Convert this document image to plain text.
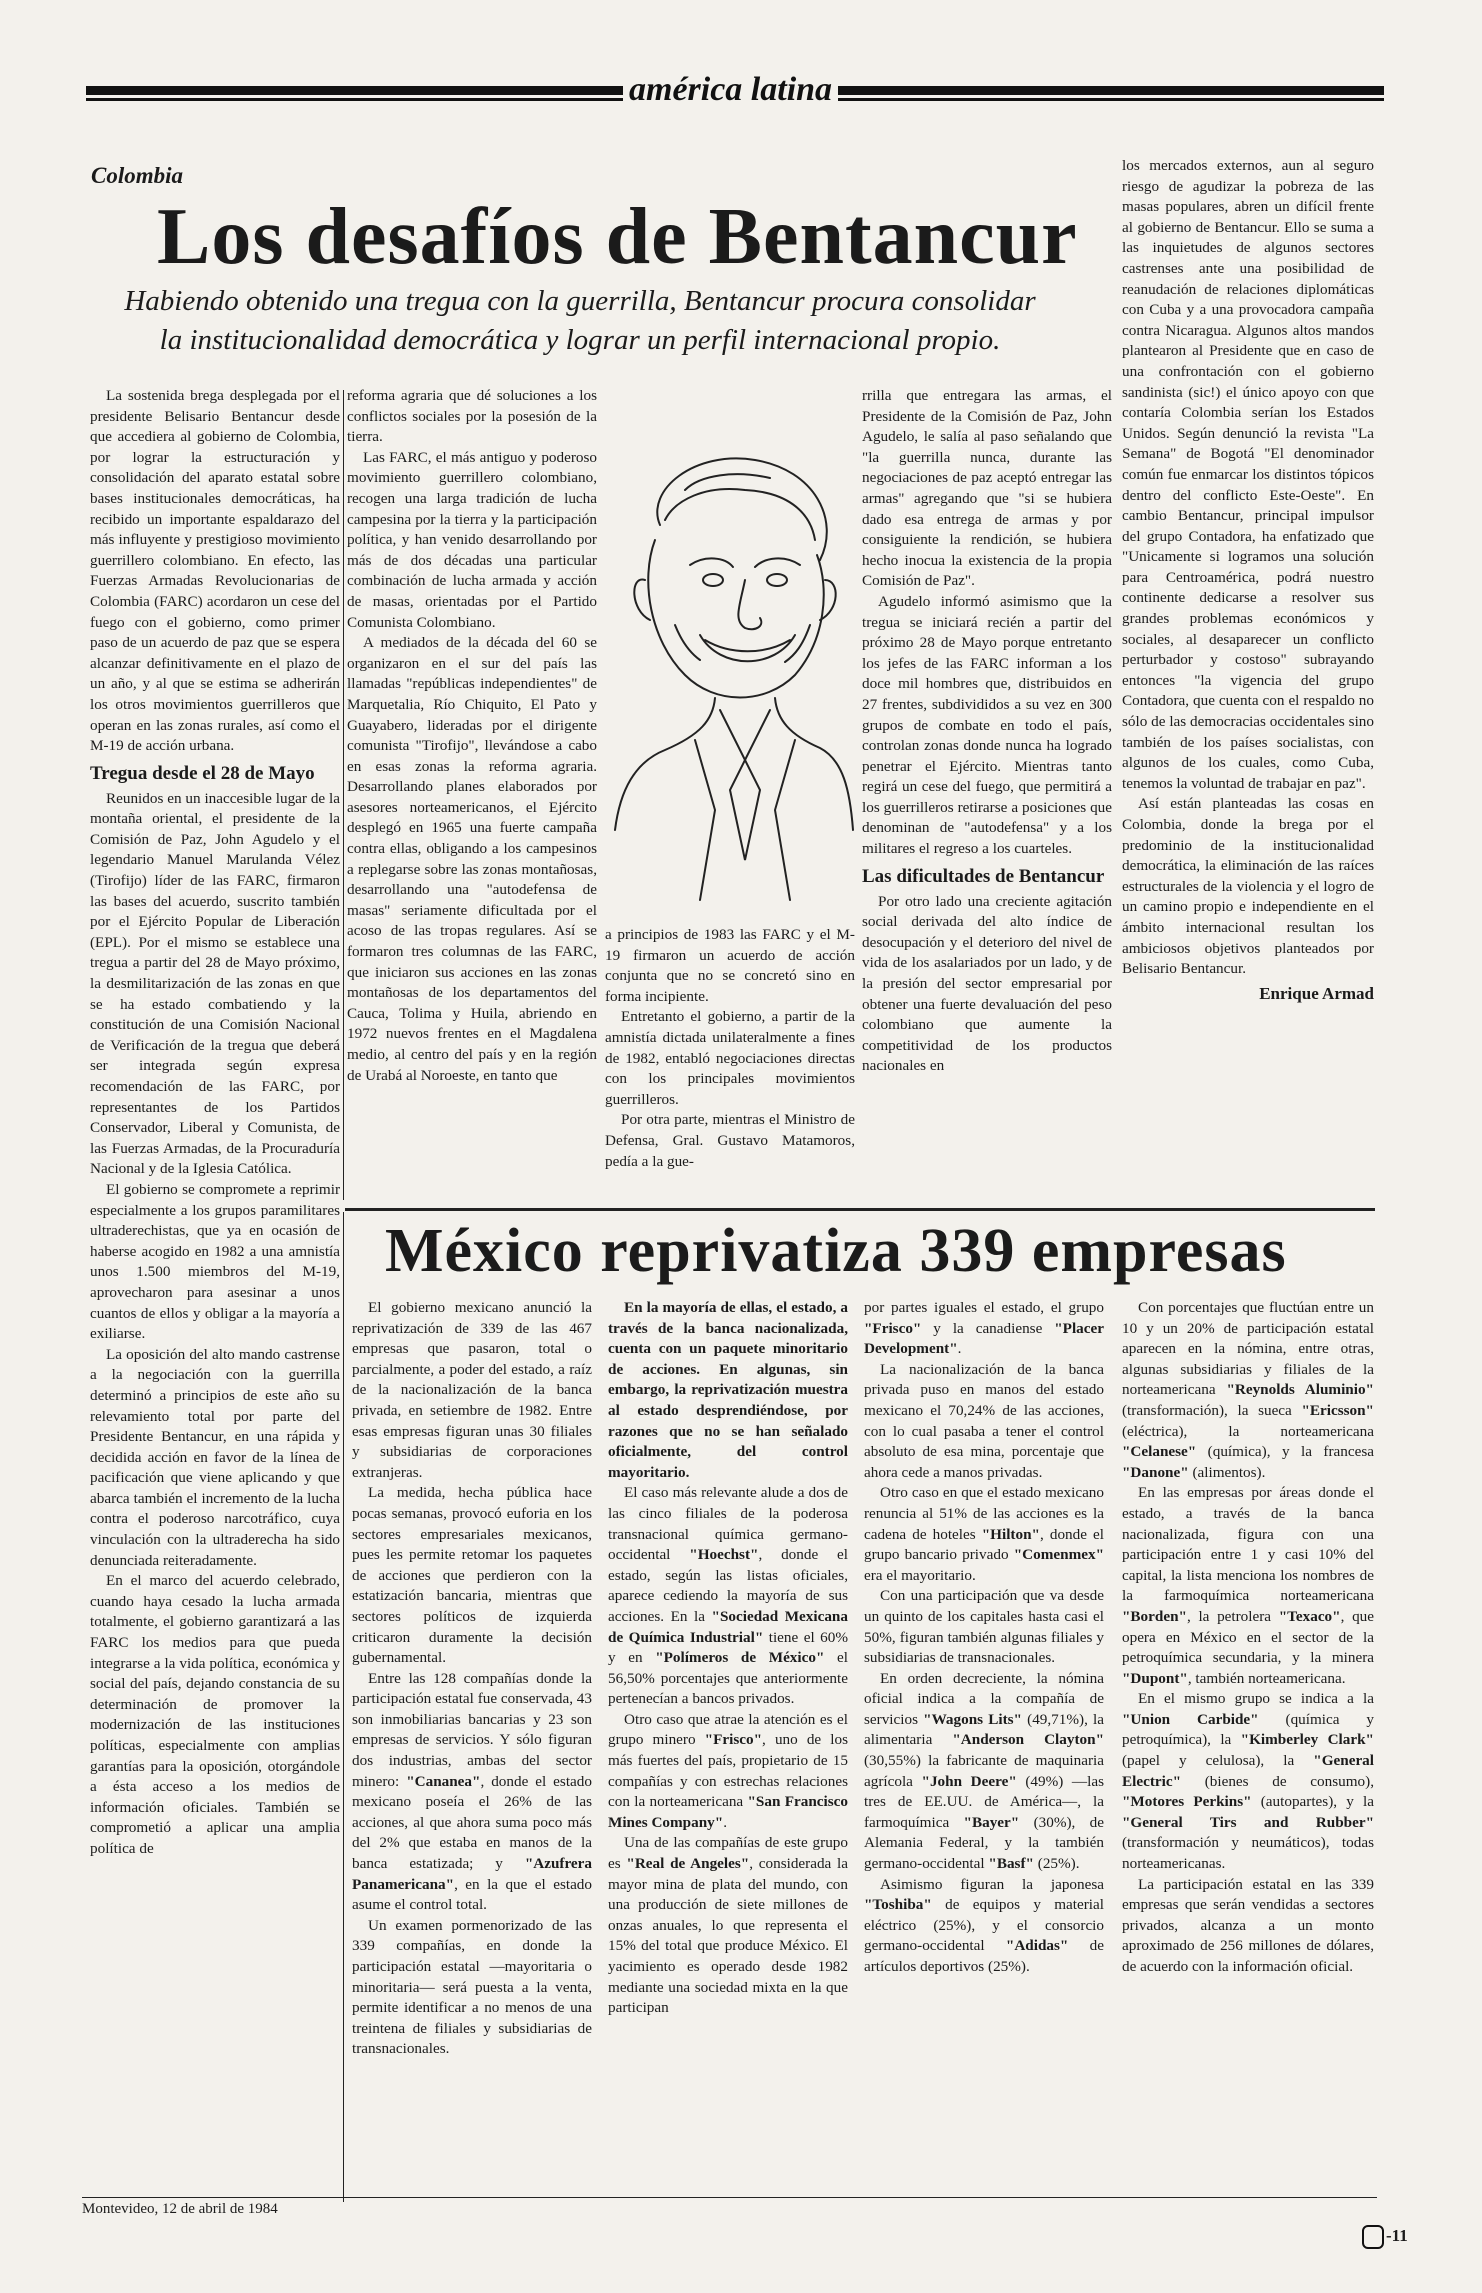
américa latina
Colombia
Los desafíos de Bentancur
Habiendo obtenido una tregua con la guerrilla, Bentancur procura consolidar
la institucionalidad democrática y lograr un perfil internacional propio.

La sostenida brega desplegada por el presidente Belisario Bentancur desde que accediera al gobierno de Colombia, por lograr la estructuración y consolidación del aparato estatal sobre bases institucionales democráticas, ha recibido un importante espaldarazo del más influyente y prestigioso movimiento guerrillero colombiano. En efecto, las Fuerzas Armadas Revolucionarias de Colombia (FARC) acordaron un cese del fuego con el gobierno, como primer paso de un acuerdo de paz que se espera alcanzar definitivamente en el plazo de un año, y al que se estima se adherirán los otros movimientos guerrilleros que operan en las zonas rurales, así como el M-19 de acción urbana.

Tregua desde el 28 de Mayo

Reunidos en un inaccesible lugar de la montaña oriental, el presidente de la Comisión de Paz, John Agudelo y el legendario Manuel Marulanda Vélez (Tirofijo) líder de las FARC, firmaron las bases del acuerdo, suscrito también por el Ejército Popular de Liberación (EPL). Por el mismo se establece una tregua a partir del 28 de Mayo próximo, la desmilitarización de las zonas en que se ha estado combatiendo y la constitución de una Comisión Nacional de Verificación de la tregua que deberá ser integrada según expresa recomendación de las FARC, por representantes de los Partidos Conservador, Liberal y Comunista, de las Fuerzas Armadas, de la Procuraduría Nacional y de la Iglesia Católica.

El gobierno se compromete a reprimir especialmente a los grupos paramilitares ultraderechistas, que ya en ocasión de haberse acogido en 1982 a una amnistía unos 1.500 miembros del M-19, aprovecharon para asesinar a unos cuantos de ellos y obligar a la mayoría a exiliarse.

La oposición del alto mando castrense a la negociación con la guerrilla determinó a principios de este año su relevamiento total por parte del Presidente Bentancur, en una rápida y decidida acción en favor de la línea de pacificación que viene aplicando y que abarca también el incremento de la lucha contra el poderoso narcotráfico, cuya vinculación con la ultraderecha ha sido denunciada reiteradamente.

En el marco del acuerdo celebrado, cuando haya cesado la lucha armada totalmente, el gobierno garantizará a las FARC los medios para que pueda integrarse a la vida política, económica y social del país, dejando constancia de su determinación de promover la modernización de las instituciones políticas, especialmente con amplias garantías para la oposición, otorgándole a ésta acceso a los medios de información oficiales. También se comprometió a aplicar una amplia política de

reforma agraria que dé soluciones a los conflictos sociales por la posesión de la tierra.

Las FARC, el más antiguo y poderoso movimiento guerrillero colombiano, recogen una larga tradición de lucha campesina por la tierra y la participación política, y han venido desarrollando por más de dos décadas una particular combinación de lucha armada y acción de masas, orientadas por el Partido Comunista Colombiano.

A mediados de la década del 60 se organizaron en el sur del país las llamadas "repúblicas independientes" de Marquetalia, Río Chiquito, El Pato y Guayabero, lideradas por el dirigente comunista "Tirofijo", llevándose a cabo en esas zonas la reforma agraria. Desarrollando planes elaborados por asesores norteamericanos, el Ejército desplegó en 1965 una fuerte campaña contra ellas, obligando a los campesinos a replegarse sobre las zonas montañosas, desarrollando una "autodefensa de masas" seriamente dificultada por el acoso de las tropas regulares. Así se formaron tres columnas de las FARC, que iniciaron sus acciones en las zonas montañosas de los departamentos del Cauca, Tolima y Huila, abriendo en 1972 nuevos frentes en el Magdalena medio, al centro del país y en la región de Urabá al Noroeste, en tanto que

a principios de 1983 las FARC y el M-19 firmaron un acuerdo de acción conjunta que no se concretó sino en forma incipiente.

Entretanto el gobierno, a partir de la amnistía dictada unilateralmente a fines de 1982, entabló negociaciones directas con los principales movimientos guerrilleros.

Por otra parte, mientras el Ministro de Defensa, Gral. Gustavo Matamoros, pedía a la gue-

rrilla que entregara las armas, el Presidente de la Comisión de Paz, John Agudelo, le salía al paso señalando que "la guerrilla nunca, durante las negociaciones de paz aceptó entregar las armas" agregando que "si se hubiera dado esa entrega de armas y por consiguiente la rendición, se hubiera hecho inocua la existencia de la propia Comisión de Paz".

Agudelo informó asimismo que la tregua se iniciará recién a partir del próximo 28 de Mayo porque entretanto los jefes de las FARC informan a los doce mil hombres que, distribuidos en 27 frentes, subdivididos a su vez en 300 grupos de combate en todo el país, controlan zonas donde nunca ha logrado penetrar el Ejército. Mientras tanto regirá un cese del fuego, que permitirá a los guerrilleros retirarse a posiciones que denominan de "autodefensa" y a los militares el regreso a los cuarteles.

Las dificultades de Bentancur

Por otro lado una creciente agitación social derivada del alto índice de desocupación y el deterioro del nivel de vida de los asalariados por un lado, y de la presión del sector empresarial por obtener una fuerte devaluación del peso colombiano que aumente la competitividad de los productos nacionales en

los mercados externos, aun al seguro riesgo de agudizar la pobreza de las masas populares, abren un difícil frente al gobierno de Bentancur. Ello se suma a las inquietudes de algunos sectores castrenses ante una posibilidad de reanudación de relaciones diplomáticas con Cuba y a una provocadora campaña contra Nicaragua. Algunos altos mandos plantearon al Presidente que en caso de una confrontación con el gobierno sandinista (sic!) el único apoyo con que contaría Colombia serían los Estados Unidos. Según denunció la revista "La Semana" de Bogotá "El denominador común fue enmarcar los distintos tópicos dentro del conflicto Este-Oeste". En cambio Bentancur, principal impulsor del grupo Contadora, ha enfatizado que "Unicamente si logramos una solución para Centroamérica, podrá nuestro continente dedicarse a resolver sus grandes problemas económicos y sociales, al desaparecer un conflicto perturbador y costoso" subrayando entonces "la vigencia del grupo Contadora, que cuenta con el respaldo no sólo de las democracias occidentales sino también de los países socialistas, con algunos de los cuales, como Cuba, tenemos la voluntad de trabajar en paz".

Así están planteadas las cosas en Colombia, donde la brega por el predominio de la institucionalidad democrática, la eliminación de las raíces estructurales de la violencia y el logro de un camino propio e independiente en el ámbito internacional resultan los ambiciosos objetivos planteados por Belisario Bentancur.

Enrique Armad
México reprivatiza 339 empresas

El gobierno mexicano anunció la reprivatización de 339 de las 467 empresas que pasaron, total o parcialmente, a poder del estado, a raíz de la nacionalización de la banca privada, en setiembre de 1982. Entre esas empresas figuran unas 30 filiales y subsidiarias de corporaciones extranjeras.

La medida, hecha pública hace pocas semanas, provocó euforia en los sectores empresariales mexicanos, pues les permite retomar los paquetes de acciones que perdieron con la estatización bancaria, mientras que sectores políticos de izquierda criticaron duramente la decisión gubernamental.

Entre las 128 compañías donde la participación estatal fue conservada, 43 son inmobiliarias bancarias y 23 son empresas de servicios. Y sólo figuran dos industrias, ambas del sector minero: "Cananea", donde el estado mexicano poseía el 26% de las acciones, al que ahora suma poco más del 2% que estaba en manos de la banca estatizada; y "Azufrera Panamericana", en la que el estado asume el control total.

Un examen pormenorizado de las 339 compañías, en donde la participación estatal —mayoritaria o minoritaria— será puesta a la venta, permite identificar a no menos de una treintena de filiales y subsidiarias de transnacionales.

En la mayoría de ellas, el estado, a través de la banca nacionalizada, cuenta con un paquete minoritario de acciones. En algunas, sin embargo, la reprivatización muestra al estado desprendiéndose, por razones que no se han señalado oficialmente, del control mayoritario.

El caso más relevante alude a dos de las cinco filiales de la poderosa transnacional química germano-occidental "Hoechst", donde el estado, según las listas oficiales, aparece cediendo la mayoría de sus acciones. En la "Sociedad Mexicana de Química Industrial" tiene el 60% y en "Polímeros de México" el 56,50% porcentajes que anteriormente pertenecían a bancos privados.

Otro caso que atrae la atención es el grupo minero "Frisco", uno de los más fuertes del país, propietario de 15 compañías y con estrechas relaciones con la norteamericana "San Francisco Mines Company".

Una de las compañías de este grupo es "Real de Angeles", considerada la mayor mina de plata del mundo, con una producción de siete millones de onzas anuales, lo que representa el 15% del total que produce México. El yacimiento es operado desde 1982 mediante una sociedad mixta en la que participan

por partes iguales el estado, el grupo "Frisco" y la canadiense "Placer Development".

La nacionalización de la banca privada puso en manos del estado mexicano el 70,24% de las acciones, con lo cual pasaba a tener el control absoluto de esa mina, porcentaje que ahora cede a manos privadas.

Otro caso en que el estado mexicano renuncia al 51% de las acciones es la cadena de hoteles "Hilton", donde el grupo bancario privado "Comenmex" era el mayoritario.

Con una participación que va desde un quinto de los capitales hasta casi el 50%, figuran también algunas filiales y subsidiarias de transnacionales.

En orden decreciente, la nómina oficial indica a la compañía de servicios "Wagons Lits" (49,71%), la alimentaria "Anderson Clayton" (30,55%) la fabricante de maquinaria agrícola "John Deere" (49%) —las tres de EE.UU. de América—, la farmoquímica "Bayer" (30%), de Alemania Federal, y la también germano-occidental "Basf" (25%).

Asimismo figuran la japonesa "Toshiba" de equipos y material eléctrico (25%), y el consorcio germano-occidental "Adidas" de artículos deportivos (25%).

Con porcentajes que fluctúan entre un 10 y un 20% de participación estatal aparecen en la nómina, entre otras, algunas subsidiarias y filiales de la norteamericana "Reynolds Aluminio" (transformación), la sueca "Ericsson" (eléctrica), la norteamericana "Celanese" (química), y la francesa "Danone" (alimentos).

En las empresas por áreas donde el estado, a través de la banca nacionalizada, figura con una participación entre 1 y casi 10% del capital, la lista menciona los nombres de la farmoquímica norteamericana "Borden", la petrolera "Texaco", que opera en México en el sector de la petroquímica secundaria, y la minera "Dupont", también norteamericana.

En el mismo grupo se indica a la "Union Carbide" (química y petroquímica), la "Kimberley Clark" (papel y celulosa), la "General Electric" (bienes de consumo), "Motores Perkins" (autopartes), y la "General Tirs and Rubber" (transformación y neumáticos), todas norteamericanas.

La participación estatal en las 339 empresas que serán vendidas a sectores privados, alcanza a un monto aproximado de 256 millones de dólares, de acuerdo con la información oficial.

Montevideo, 12 de abril de 1984
-11
